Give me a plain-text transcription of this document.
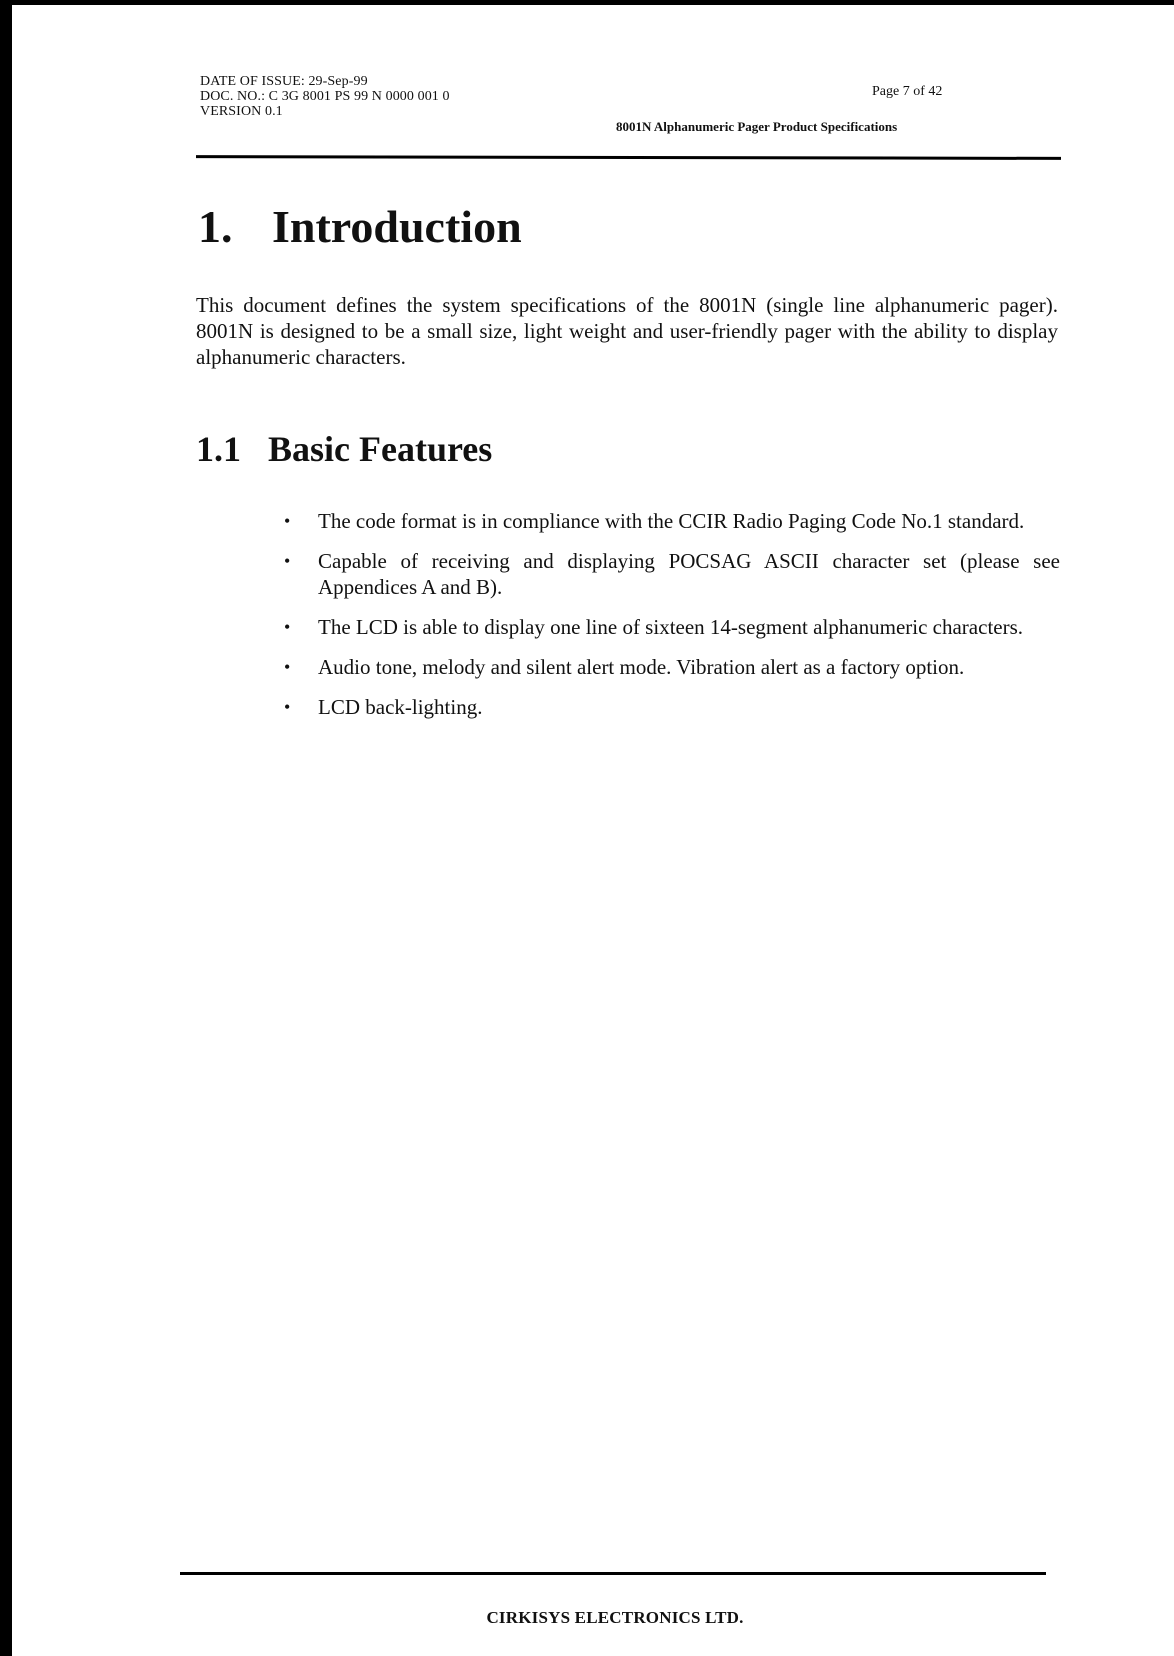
DATE OF ISSUE: 29-Sep-99
DOC. NO.: C 3G 8001 PS 99 N 0000 001 0
VERSION 0.1
Page 7 of 42
8001N Alphanumeric Pager Product Specifications
1. Introduction

This document defines the system specifications of the 8001N (single line alphanumeric pager). 8001N is designed to be a small size, light weight and user-friendly pager with the ability to display alphanumeric characters.

1.1 Basic Features
• The code format is in compliance with the CCIR Radio Paging Code No.1 standard.
• Capable of receiving and displaying POCSAG ASCII character set (please see Appendices A and B).
• The LCD is able to display one line of sixteen 14-segment alphanumeric characters.
• Audio tone, melody and silent alert mode. Vibration alert as a factory option.
• LCD back-lighting.
CIRKISYS ELECTRONICS LTD.
